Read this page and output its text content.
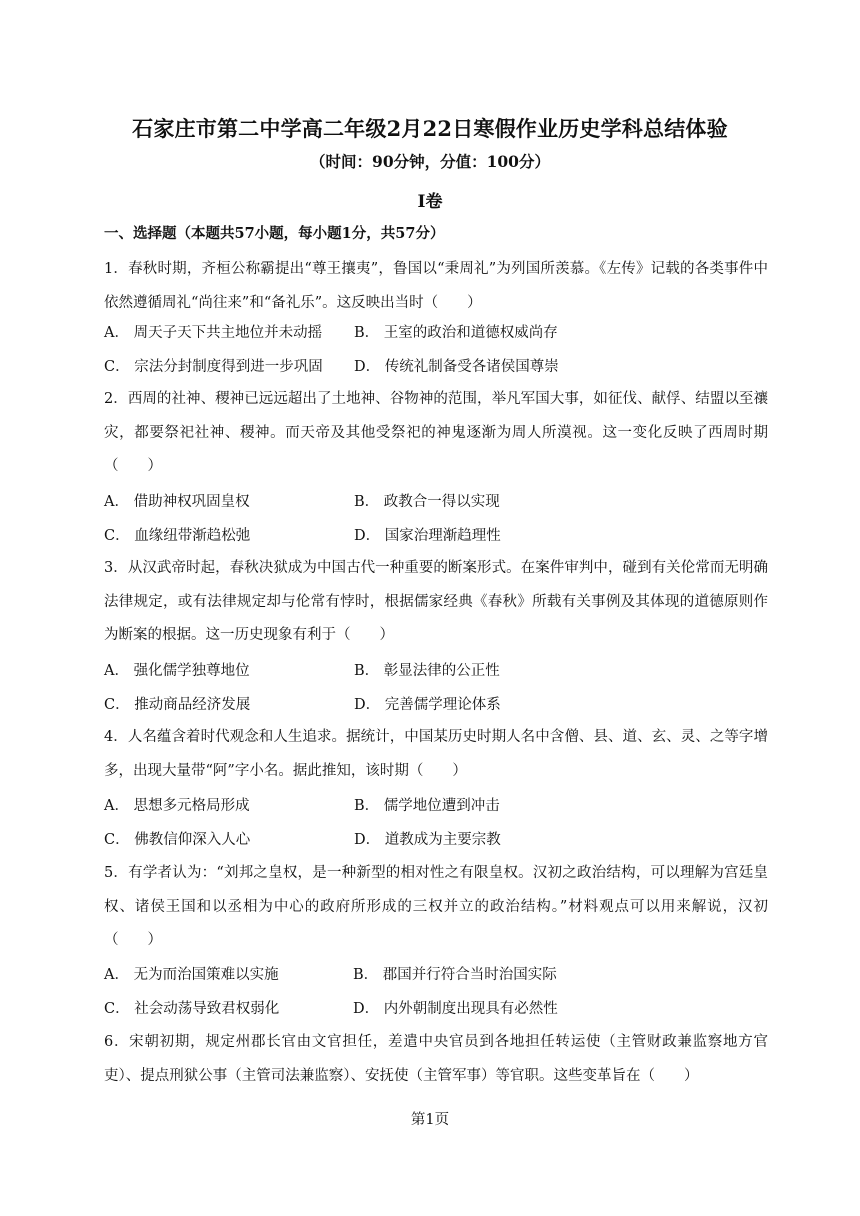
石家庄市第二中学高二年级2月22日寒假作业历史学科总结体验
（时间：90分钟，分值：100分）
Ⅰ卷
一、选择题（本题共57小题，每小题1分，共57分）
1．春秋时期，齐桓公称霸提出“尊王攘夷”，鲁国以“秉周礼”为列国所羡慕。《左传》记载的各类事件中依然遵循周礼“尚往来”和“备礼乐”。这反映出当时（　　）
A． 周天子天下共主地位并未动摇 B． 王室的政治和道德权威尚存
C． 宗法分封制度得到进一步巩固 D． 传统礼制备受各诸侯国尊崇
2．西周的社神、稷神已远远超出了土地神、谷物神的范围，举凡军国大事，如征伐、献俘、结盟以至禳灾，都要祭祀社神、稷神。而天帝及其他受祭祀的神鬼逐渐为周人所漠视。这一变化反映了西周时期（　　）
A． 借助神权巩固皇权	B． 政教合一得以实现
C． 血缘纽带渐趋松弛	D． 国家治理渐趋理性
3．从汉武帝时起，春秋决狱成为中国古代一种重要的断案形式。在案件审判中，碰到有关伦常而无明确法律规定，或有法律规定却与伦常有悖时，根据儒家经典《春秋》所载有关事例及其体现的道德原则作为断案的根据。这一历史现象有利于（　　）
A． 强化儒学独尊地位	B． 彰显法律的公正性
C． 推动商品经济发展	D． 完善儒学理论体系
4．人名蕴含着时代观念和人生追求。据统计，中国某历史时期人名中含僧、县、道、玄、灵、之等字增多，出现大量带“阿”字小名。据此推知，该时期（　　）
A． 思想多元格局形成	B． 儒学地位遭到冲击
C． 佛教信仰深入人心	D． 道教成为主要宗教
5．有学者认为：“刘邦之皇权，是一种新型的相对性之有限皇权。汉初之政治结构，可以理解为宫廷皇权、诸侯王国和以丞相为中心的政府所形成的三权并立的政治结构。”材料观点可以用来解说，汉初（　　）
A． 无为而治国策难以实施	B． 郡国并行符合当时治国实际
C． 社会动荡导致君权弱化	D． 内外朝制度出现具有必然性
6．宋朝初期，规定州郡长官由文官担任，差遣中央官员到各地担任转运使（主管财政兼监察地方官吏）、提点刑狱公事（主管司法兼监察）、安抚使（主管军事）等官职。这些变革旨在（　　）
第1页
